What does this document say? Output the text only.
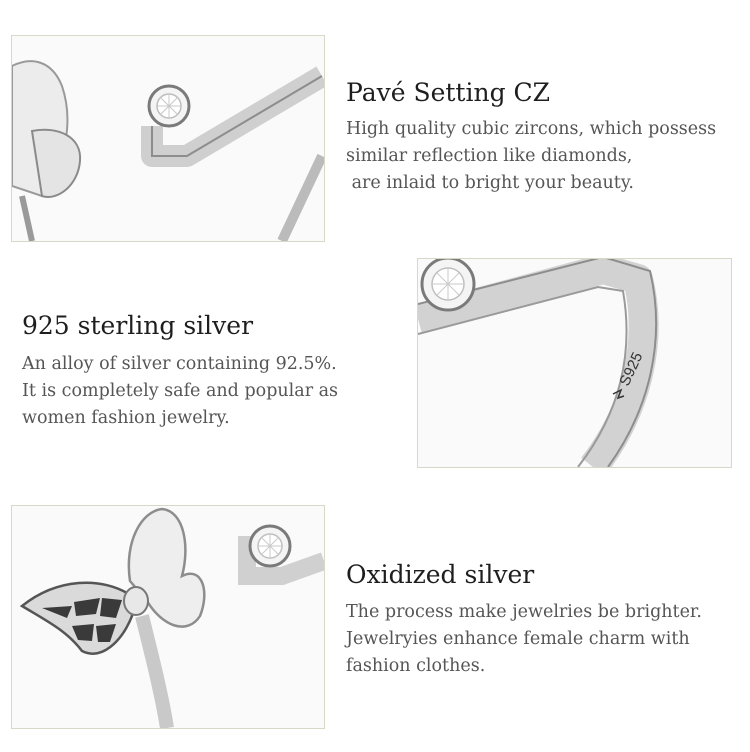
Pavé Setting CZ
High quality cubic zircons, which possess
similar reflection like diamonds,
are inlaid to bright your beauty.
925 sterling silver
An alloy of silver containing 92.5%.
It is completely safe and popular as
women fashion jewelry.
S925
Oxidized silver
The process make jewelries be brighter.
Jewelryies enhance female charm with
fashion clothes.
